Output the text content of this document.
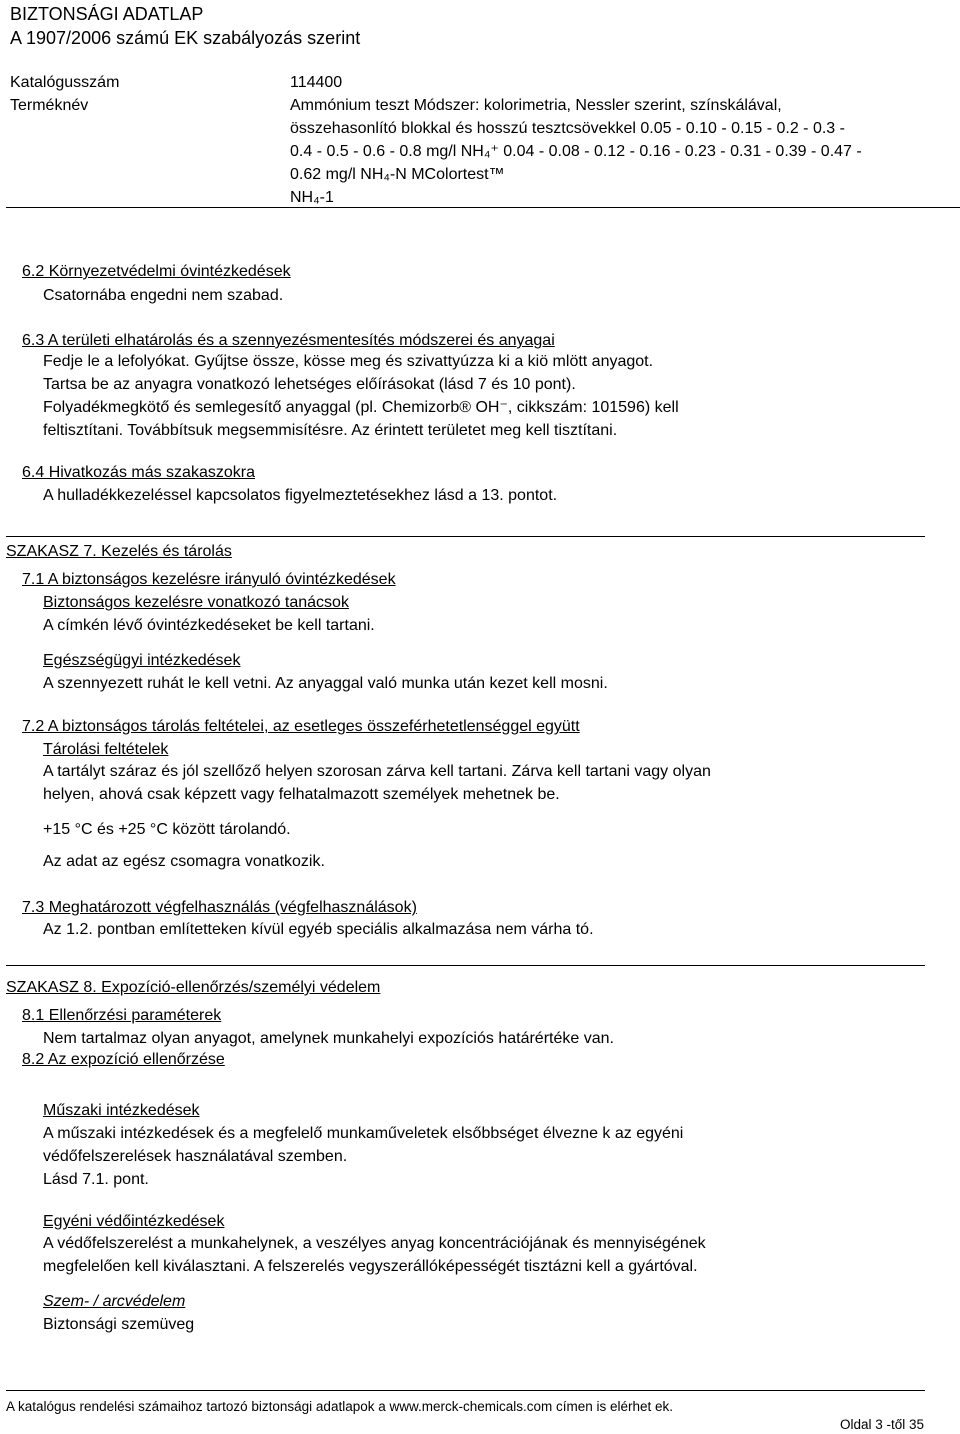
BIZTONSÁGI ADATLAP
A 1907/2006 számú EK szabályozás szerint
Katalógusszám	114400
Terméknév	Ammónium teszt Módszer: kolorimetria, Nessler szerint, színskálával,
összehasonlító blokkal és hosszú tesztcsövekkel 0.05 - 0.10 - 0.15 - 0.2 - 0.3 -
0.4 - 0.5 - 0.6 - 0.8 mg/l NH₄⁺ 0.04 - 0.08 - 0.12 - 0.16 - 0.23 - 0.31 - 0.39 - 0.47 -
0.62 mg/l NH₄-N MColortest™
NH₄-1
6.2 Környezetvédelmi óvintézkedések
Csatornába engedni nem szabad.
6.3 A területi elhatárolás és a szennyezésmentesítés módszerei és anyagai
Fedje le a lefolyókat. Gyűjtse össze, kösse meg és szivattyúzza ki a kiö mlött anyagot.
Tartsa be az anyagra vonatkozó lehetséges előírásokat (lásd 7 és 10 pont).
Folyadékmegkötő és semlegesítő anyaggal (pl. Chemizorb® OH⁻, cikkszám: 101596) kell
feltisztítani. Továbbítsuk megsemmisítésre. Az érintett területet meg kell tisztítani.
6.4 Hivatkozás más szakaszokra
A hulladékkezeléssel kapcsolatos figyelmeztetésekhez lásd a 13. pontot.
SZAKASZ 7. Kezelés és tárolás
7.1 A biztonságos kezelésre irányuló óvintézkedések
Biztonságos kezelésre vonatkozó tanácsok
A címkén lévő óvintézkedéseket be kell tartani.
Egészségügyi intézkedések
A szennyezett ruhát le kell vetni. Az anyaggal való munka után kezet kell mosni.
7.2 A biztonságos tárolás feltételei, az esetleges összeférhetetlenséggel együtt
Tárolási feltételek
A tartályt száraz és jól szellőző helyen szorosan zárva kell tartani. Zárva kell tartani vagy olyan
helyen, ahová csak képzett vagy felhatalmazott személyek mehetnek be.
+15 °C és +25 °C között tárolandó.
Az adat az egész csomagra vonatkozik.
7.3 Meghatározott végfelhasználás (végfelhasználások)
Az 1.2. pontban említetteken kívül egyéb speciális alkalmazása nem várha tó.
SZAKASZ 8. Expozíció-ellenőrzés/személyi védelem
8.1 Ellenőrzési paraméterek
Nem tartalmaz olyan anyagot, amelynek munkahelyi expozíciós határértéke van.
8.2 Az expozíció ellenőrzése
Műszaki intézkedések
A műszaki intézkedések és a megfelelő munkaműveletek elsőbbséget élvezne k az egyéni
védőfelszerelések használatával szemben.
Lásd 7.1. pont.
Egyéni védőintézkedések
A védőfelszerelést a munkahelynek, a veszélyes anyag koncentrációjának és mennyiségének
megfelelően kell kiválasztani. A felszerelés vegyszerállóképességét tisztázni kell a gyártóval.
Szem- / arcvédelem
Biztonsági szemüveg
A katalógus rendelési számaihoz tartozó biztonsági adatlapok a www.merck-chemicals.com címen is elérhet ek.
Oldal 3 -től 35
